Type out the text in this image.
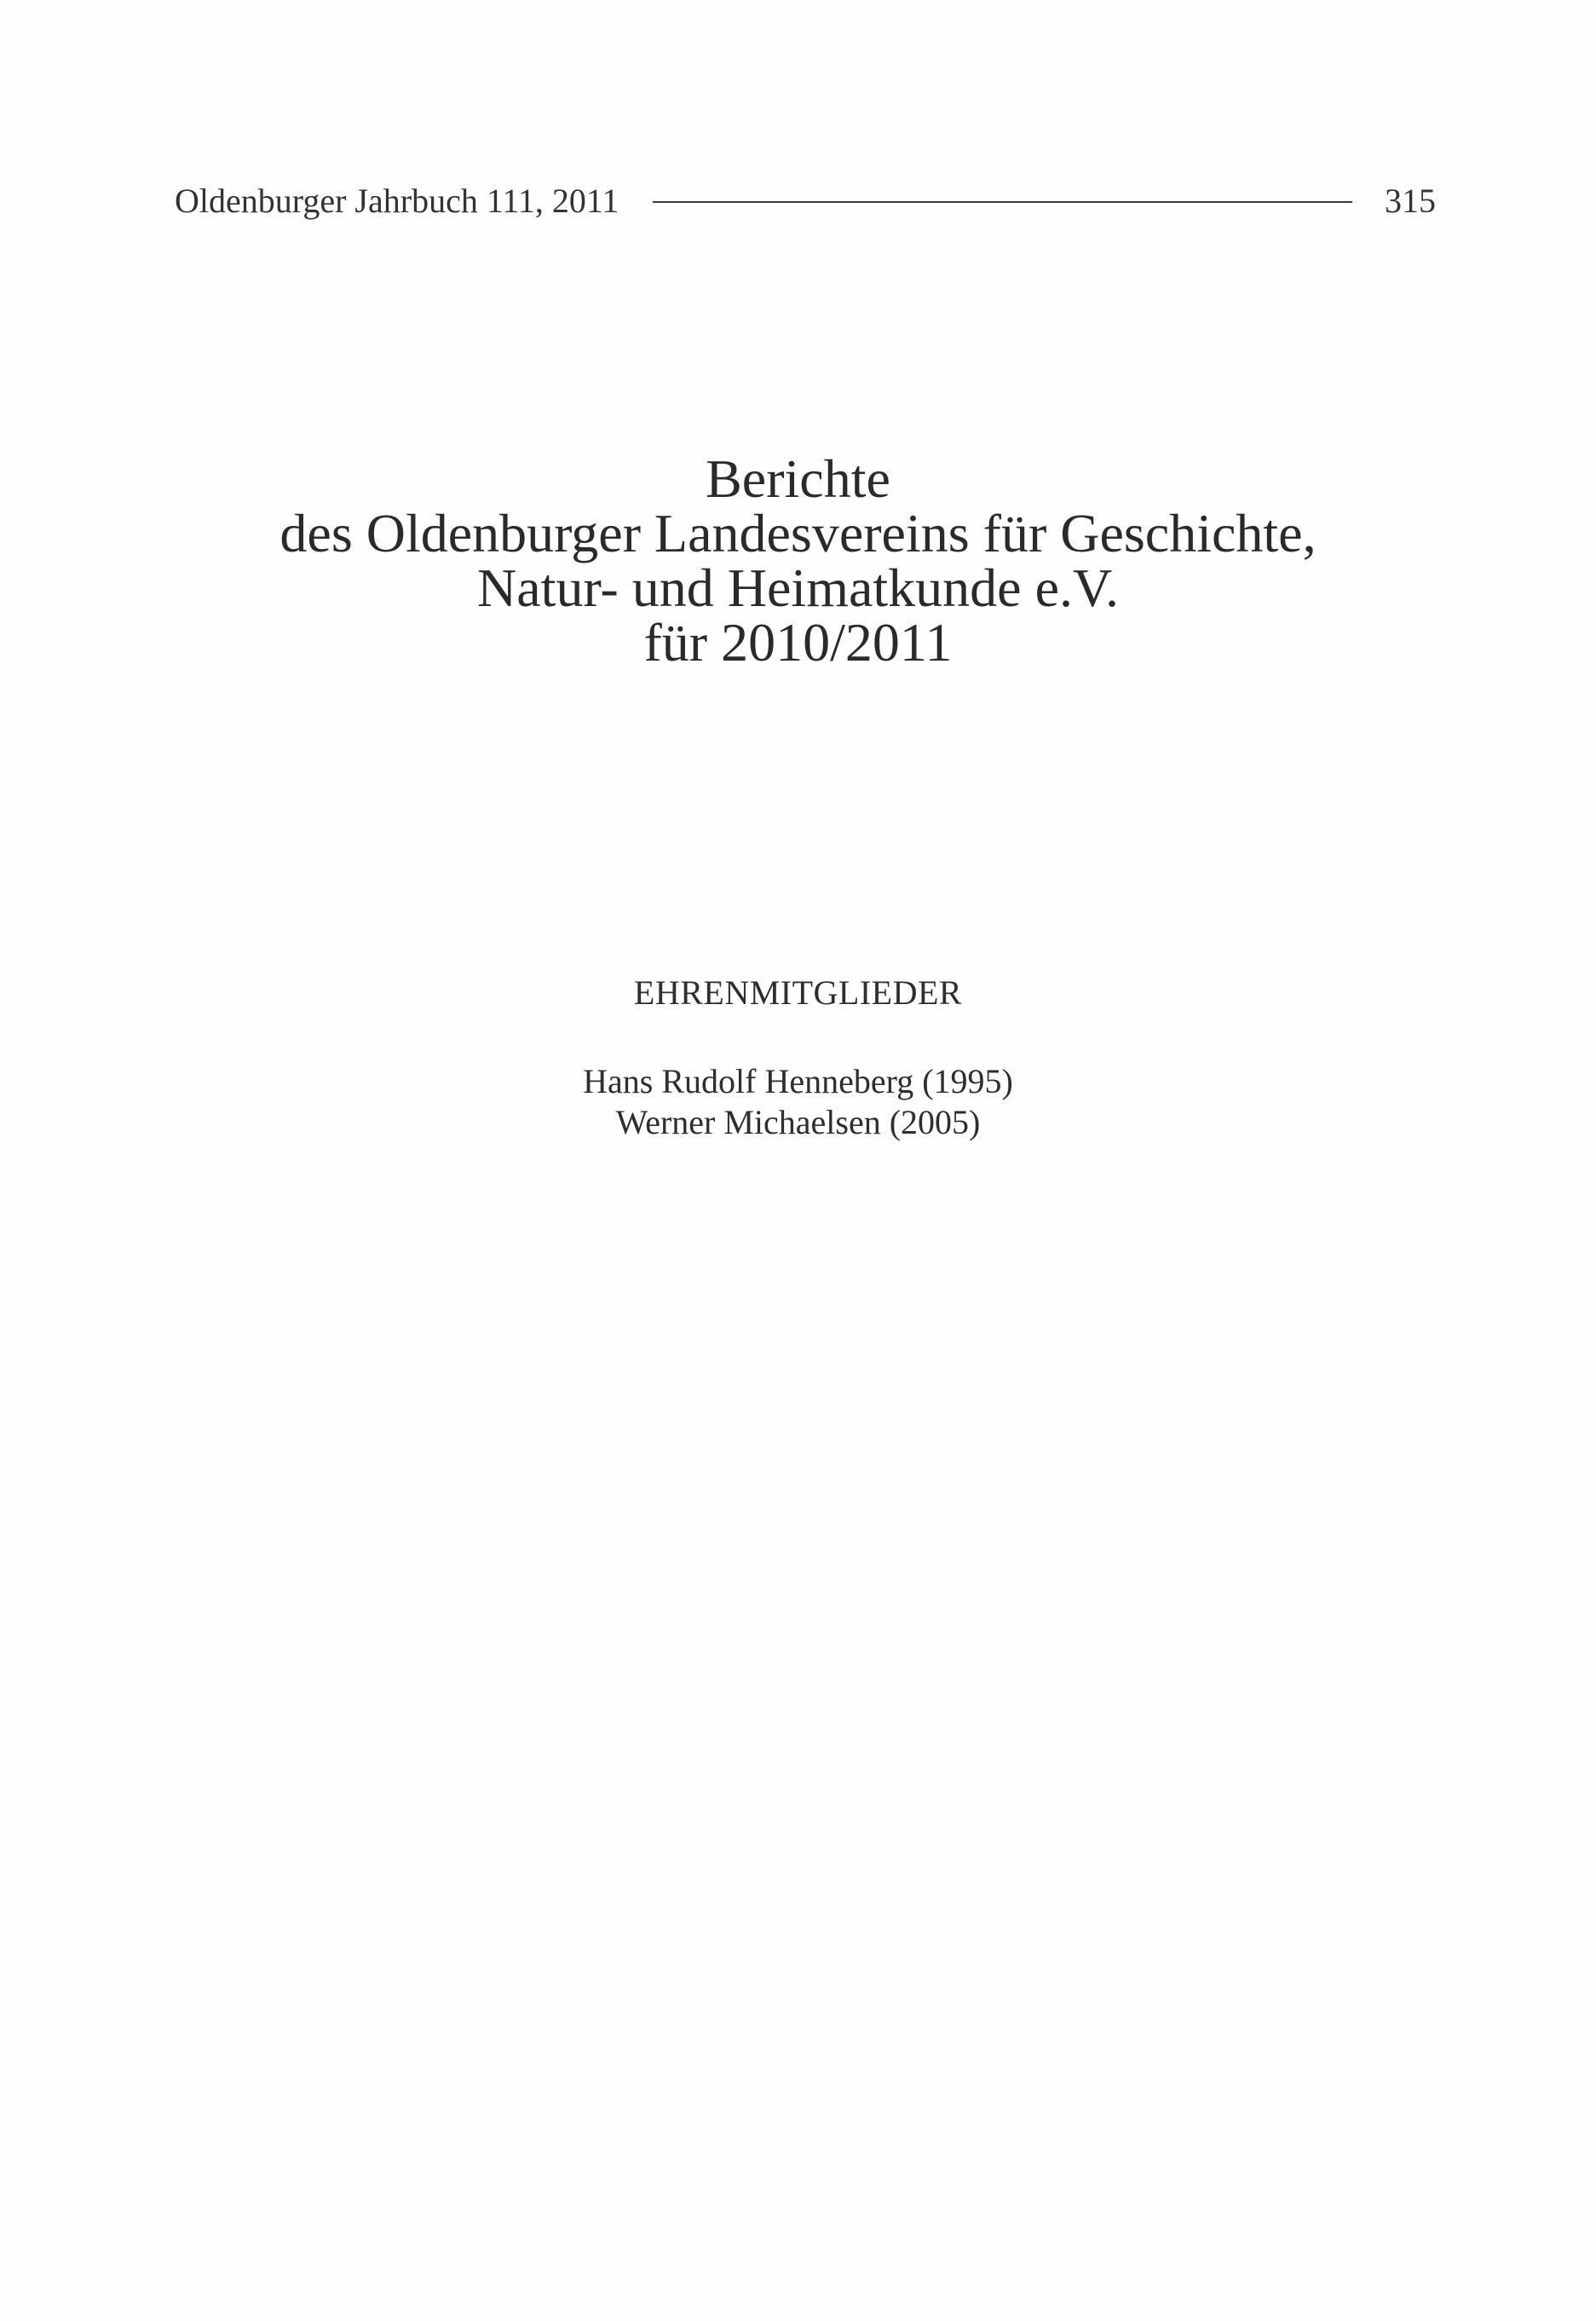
Oldenburger Jahrbuch 111, 2011	315
Berichte
des Oldenburger Landesvereins für Geschichte,
Natur- und Heimatkunde e.V.
für 2010/2011
EHRENMITGLIEDER
Hans Rudolf Henneberg (1995)
Werner Michaelsen (2005)
